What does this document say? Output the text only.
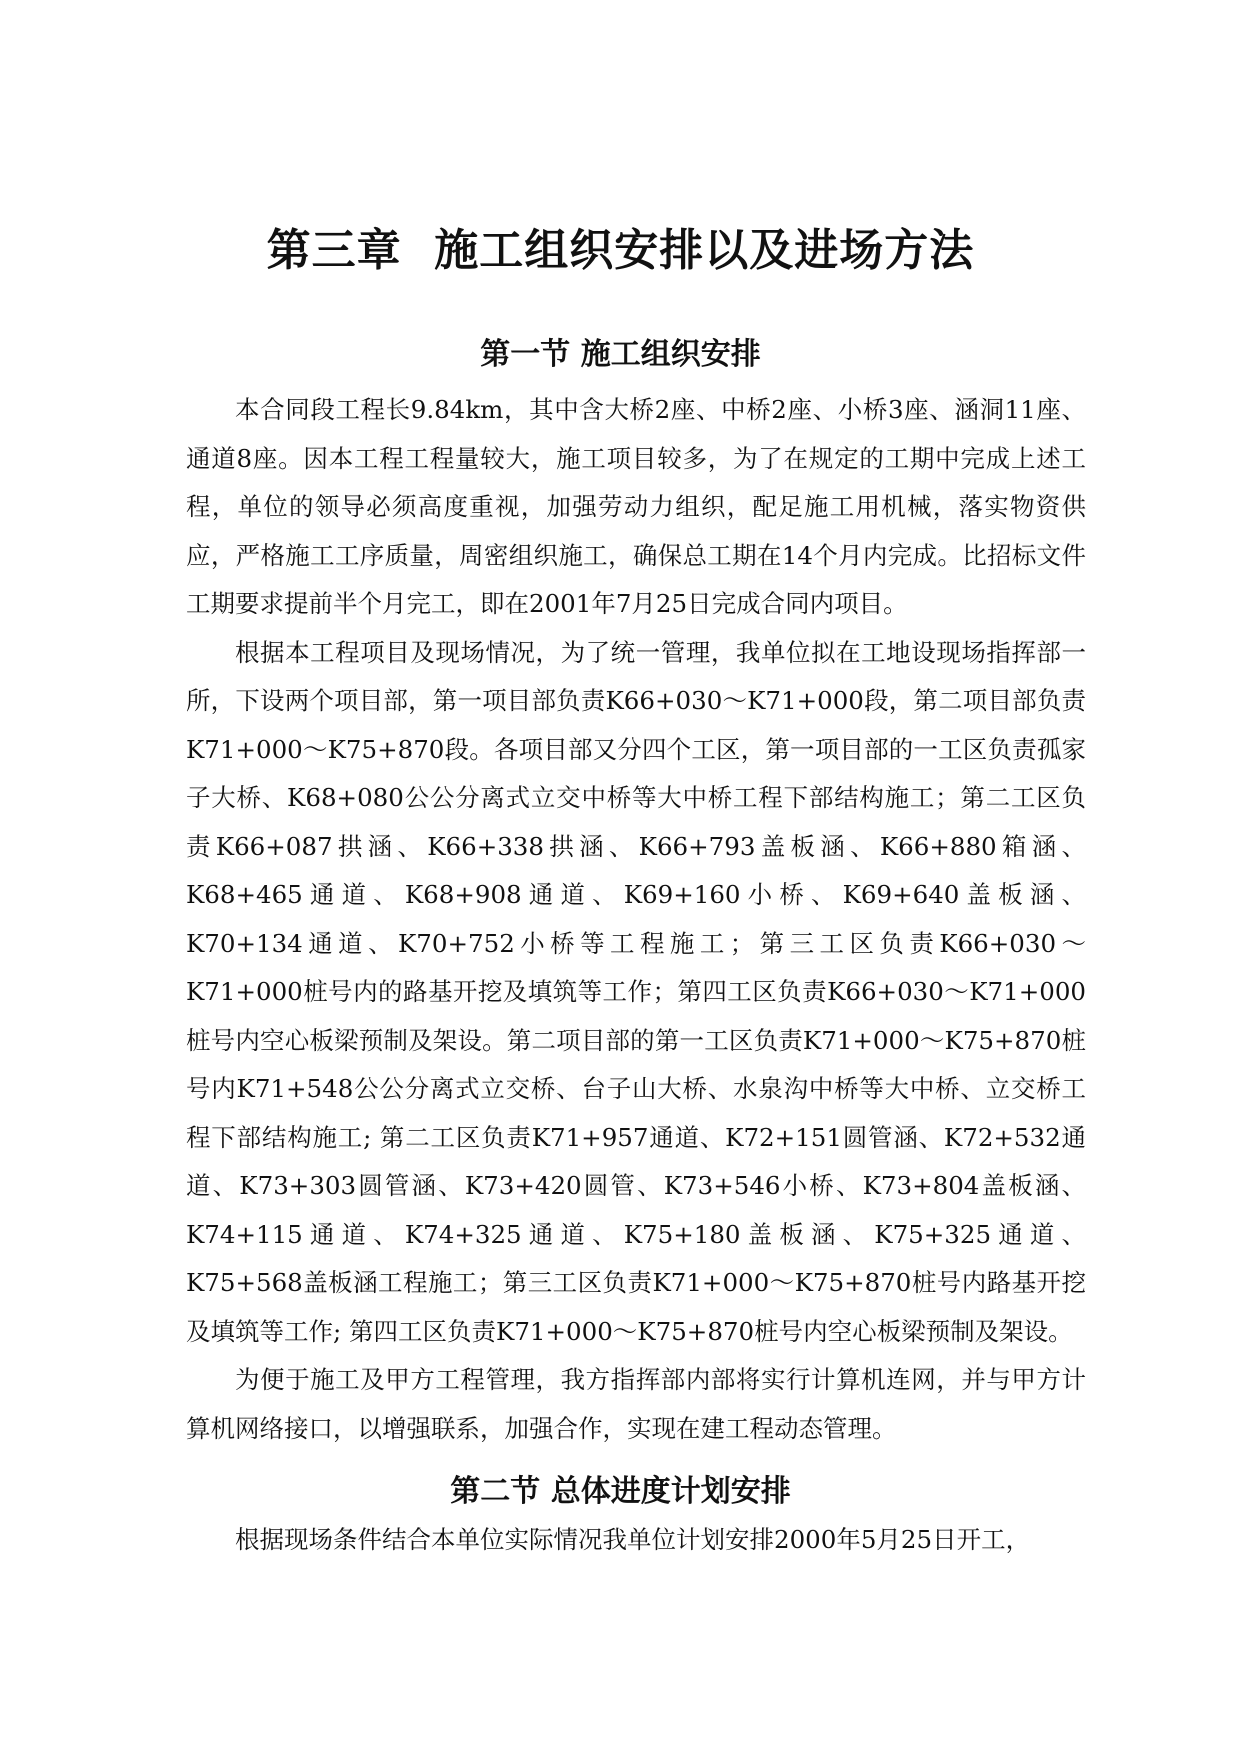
第三章  施工组织安排以及进场方法
第一节 施工组织安排

本合同段工程长9.84km，其中含大桥2座、中桥2座、小桥3座、涵洞11座、通道8座。因本工程工程量较大，施工项目较多，为了在规定的工期中完成上述工程，单位的领导必须高度重视，加强劳动力组织，配足施工用机械，落实物资供应，严格施工工序质量，周密组织施工，确保总工期在14个月内完成。比招标文件工期要求提前半个月完工，即在2001年7月25日完成合同内项目。

根据本工程项目及现场情况，为了统一管理，我单位拟在工地设现场指挥部一所，下设两个项目部，第一项目部负责K66+030～K71+000段，第二项目部负责K71+000～K75+870段。各项目部又分四个工区，第一项目部的一工区负责孤家子大桥、K68+080公公分离式立交中桥等大中桥工程下部结构施工；第二工区负责K66+087拱涵、K66+338拱涵、K66+793盖板涵、K66+880箱涵、K68+465通道、K68+908通道、K69+160小桥、K69+640盖板涵、K70+134通道、K70+752小桥等工程施工；第三工区负责K66+030～K71+000桩号内的路基开挖及填筑等工作；第四工区负责K66+030～K71+000桩号内空心板梁预制及架设。第二项目部的第一工区负责K71+000～K75+870桩号内K71+548公公分离式立交桥、台子山大桥、水泉沟中桥等大中桥、立交桥工程下部结构施工; 第二工区负责K71+957通道、K72+151圆管涵、K72+532通道、K73+303圆管涵、K73+420圆管、K73+546小桥、K73+804盖板涵、K74+115通道、K74+325通道、K75+180盖板涵、K75+325通道、K75+568盖板涵工程施工；第三工区负责K71+000～K75+870桩号内路基开挖及填筑等工作; 第四工区负责K71+000～K75+870桩号内空心板梁预制及架设。

为便于施工及甲方工程管理，我方指挥部内部将实行计算机连网，并与甲方计算机网络接口，以增强联系，加强合作，实现在建工程动态管理。

第二节 总体进度计划安排

根据现场条件结合本单位实际情况我单位计划安排2000年5月25日开工，
